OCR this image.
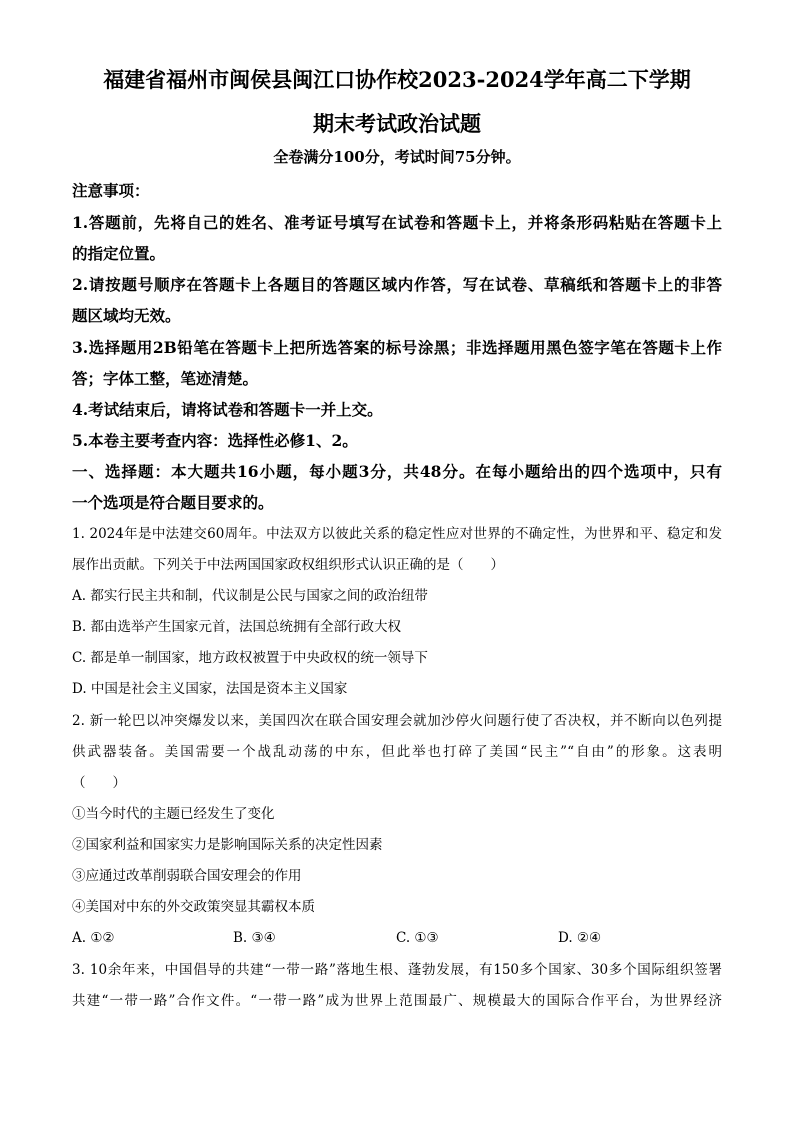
福建省福州市闽侯县闽江口协作校2023-2024学年高二下学期
期末考试政治试题
全卷满分100分，考试时间75分钟。
注意事项：
1.答题前，先将自己的姓名、准考证号填写在试卷和答题卡上，并将条形码粘贴在答题卡上
的指定位置。
2.请按题号顺序在答题卡上各题目的答题区域内作答，写在试卷、草稿纸和答题卡上的非答
题区域均无效。
3.选择题用2B铅笔在答题卡上把所选答案的标号涂黑；非选择题用黑色签字笔在答题卡上作
答；字体工整，笔迹清楚。
4.考试结束后，请将试卷和答题卡一并上交。
5.本卷主要考查内容：选择性必修1、2。
一、选择题：本大题共16小题，每小题3分，共48分。在每小题给出的四个选项中，只有
一个选项是符合题目要求的。
1. 2024年是中法建交60周年。中法双方以彼此关系的稳定性应对世界的不确定性，为世界和平、稳定和发
展作出贡献。下列关于中法两国国家政权组织形式认识正确的是（　　）
A. 都实行民主共和制，代议制是公民与国家之间的政治纽带
B. 都由选举产生国家元首，法国总统拥有全部行政大权
C. 都是单一制国家，地方政权被置于中央政权的统一领导下
D. 中国是社会主义国家，法国是资本主义国家
2. 新一轮巴以冲突爆发以来，美国四次在联合国安理会就加沙停火问题行使了否决权，并不断向以色列提
供武器装备。美国需要一个战乱动荡的中东，但此举也打碎了美国“民主”“自由”的形象。这表明
（　　）
①当今时代的主题已经发生了变化
②国家利益和国家实力是影响国际关系的决定性因素
③应通过改革削弱联合国安理会的作用
④美国对中东的外交政策突显其霸权本质
A. ①②	B. ③④	C. ①③	D. ②④
3. 10余年来，中国倡导的共建“一带一路”落地生根、蓬勃发展，有150多个国家、30多个国际组织签署
共建“一带一路”合作文件。“一带一路”成为世界上范围最广、规模最大的国际合作平台，为世界经济
